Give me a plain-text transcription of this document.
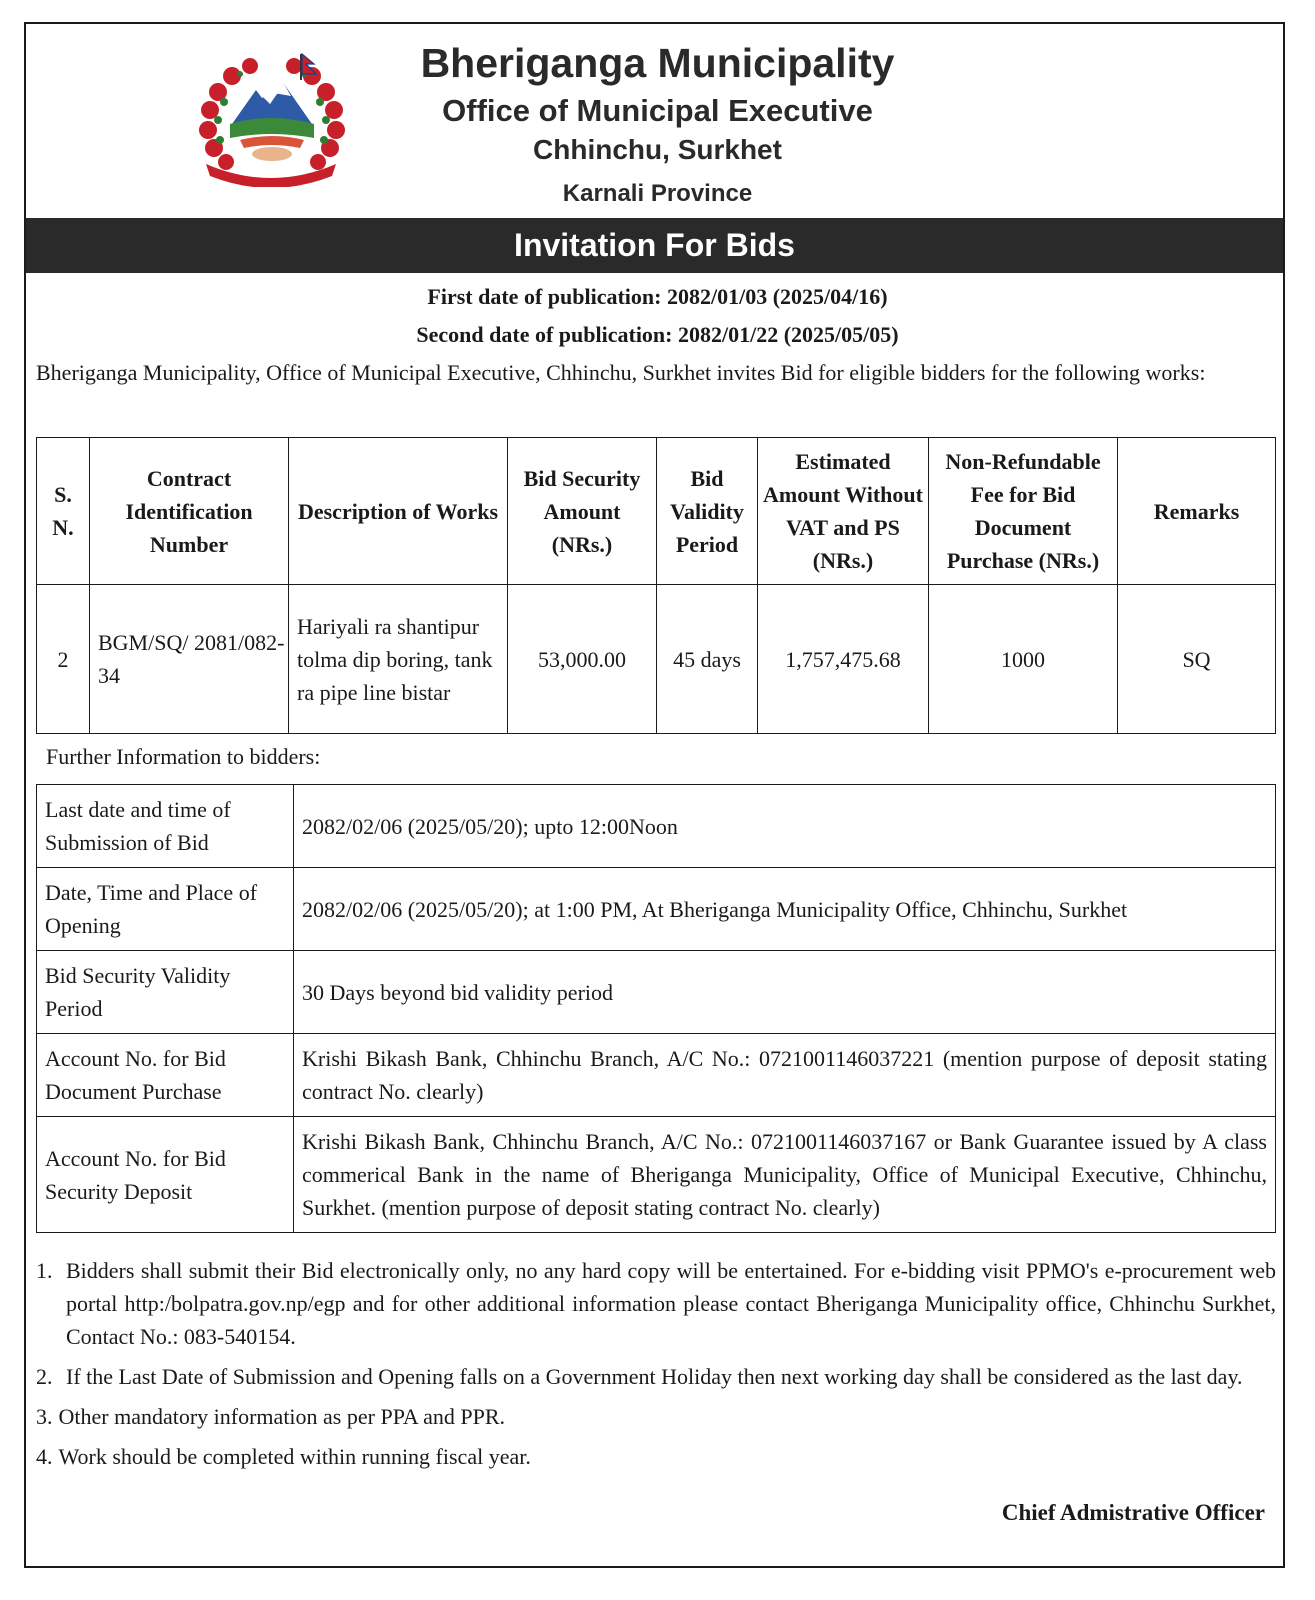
Bheriganga Municipality
Office of Municipal Executive
Chhinchu, Surkhet
Karnali Province
Invitation For Bids
First date of publication: 2082/01/03 (2025/04/16)
Second date of publication: 2082/01/22 (2025/05/05)
Bheriganga Municipality, Office of Municipal Executive, Chhinchu, Surkhet invites Bid for eligible bidders for the following works:
S. N.	Contract Identification Number	Description of Works	Bid Security Amount (NRs.)	Bid Validity Period	Estimated Amount Without VAT and PS (NRs.)	Non-Refundable Fee for Bid Document Purchase (NRs.)	Remarks
2	BGM/SQ/ 2081/082-34	Hariyali ra shantipur tolma dip boring, tank ra pipe line bistar	53,000.00	45 days	1,757,475.68	1000	SQ
Further Information to bidders:
Last date and time of Submission of Bid	2082/02/06 (2025/05/20); upto 12:00Noon
Date, Time and Place of Opening	2082/02/06 (2025/05/20); at 1:00 PM, At Bheriganga Municipality Office, Chhinchu, Surkhet
Bid Security Validity Period	30 Days beyond bid validity period
Account No. for Bid Document Purchase	Krishi Bikash Bank, Chhinchu Branch, A/C No.: 0721001146037221 (mention purpose of deposit stating contract No. clearly)
Account No. for Bid Security Deposit	Krishi Bikash Bank, Chhinchu Branch, A/C No.: 0721001146037167 or Bank Guarantee issued by A class commerical Bank in the name of Bheriganga Municipality, Office of Municipal Executive, Chhinchu, Surkhet. (mention purpose of deposit stating contract No. clearly)
1. Bidders shall submit their Bid electronically only, no any hard copy will be entertained. For e-bidding visit PPMO's e-procurement web portal http:/bolpatra.gov.np/egp and for other additional information please contact Bheriganga Municipality office, Chhinchu Surkhet, Contact No.: 083-540154.
2. If the Last Date of Submission and Opening falls on a Government Holiday then next working day shall be considered as the last day.
3. Other mandatory information as per PPA and PPR.
4. Work should be completed within running fiscal year.
Chief Admistrative Officer
